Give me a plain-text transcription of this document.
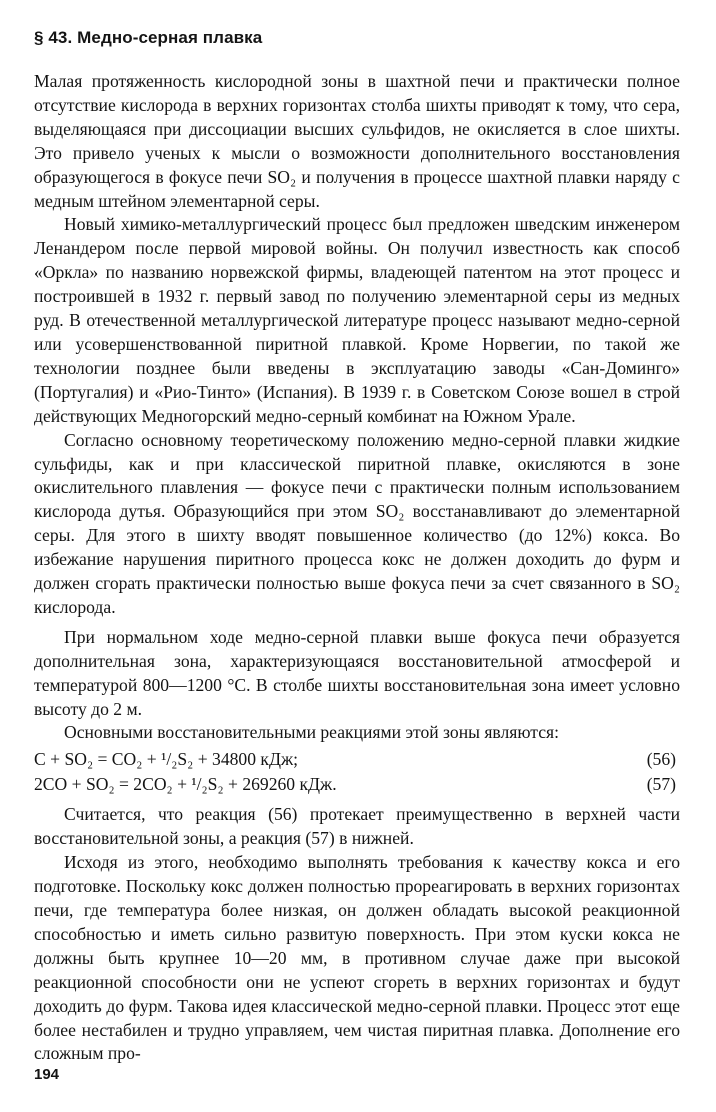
§ 43. Медно-серная плавка

Малая протяженность кислородной зоны в шахтной печи и практически полное отсутствие кислорода в верхних горизонтах столба шихты приводят к тому, что сера, выделяющаяся при диссоциации высших сульфидов, не окисляется в слое шихты. Это привело ученых к мысли о возможности дополнительного восстановления образующегося в фокусе печи SO₂ и получения в процессе шахтной плавки наряду с медным штейном элементарной серы.

Новый химико-металлургический процесс был предложен шведским инженером Ленандером после первой мировой войны. Он получил известность как способ «Оркла» по названию норвежской фирмы, владеющей патентом на этот процесс и построившей в 1932 г. первый завод по получению элементарной серы из медных руд. В отечественной металлургической литературе процесс называют медно-серной или усовершенствованной пиритной плавкой. Кроме Норвегии, по такой же технологии позднее были введены в эксплуатацию заводы «Сан-Доминго» (Португалия) и «Рио-Тинто» (Испания). В 1939 г. в Советском Союзе вошел в строй действующих Медногорский медно-серный комбинат на Южном Урале.

Согласно основному теоретическому положению медно-серной плавки жидкие сульфиды, как и при классической пиритной плавке, окисляются в зоне окислительного плавления — фокусе печи с практически полным использованием кислорода дутья. Образующийся при этом SO₂ восстанавливают до элементарной серы. Для этого в шихту вводят повышенное количество (до 12%) кокса. Во избежание нарушения пиритного процесса кокс не должен доходить до фурм и должен сгорать практически полностью выше фокуса печи за счет связанного в SO₂ кислорода.

При нормальном ходе медно-серной плавки выше фокуса печи образуется дополнительная зона, характеризующаяся восстановительной атмосферой и температурой 800—1200 °С. В столбе шихты восстановительная зона имеет условно высоту до 2 м.

Основными восстановительными реакциями этой зоны являются:

C + SO₂ = CO₂ + ¹/₂S₂ + 34800 кДж;	(56)
2CO + SO₂ = 2CO₂ + ¹/₂S₂ + 269260 кДж.	(57)

Считается, что реакция (56) протекает преимущественно в верхней части восстановительной зоны, а реакция (57) в нижней.

Исходя из этого, необходимо выполнять требования к качеству кокса и его подготовке. Поскольку кокс должен полностью прореагировать в верхних горизонтах печи, где температура более низкая, он должен обладать высокой реакционной способностью и иметь сильно развитую поверхность. При этом куски кокса не должны быть крупнее 10—20 мм, в противном случае даже при высокой реакционной способности они не успеют сгореть в верхних горизонтах и будут доходить до фурм. Такова идея классической медно-серной плавки. Процесс этот еще более нестабилен и трудно управляем, чем чистая пиритная плавка. Дополнение его сложным про-

194
